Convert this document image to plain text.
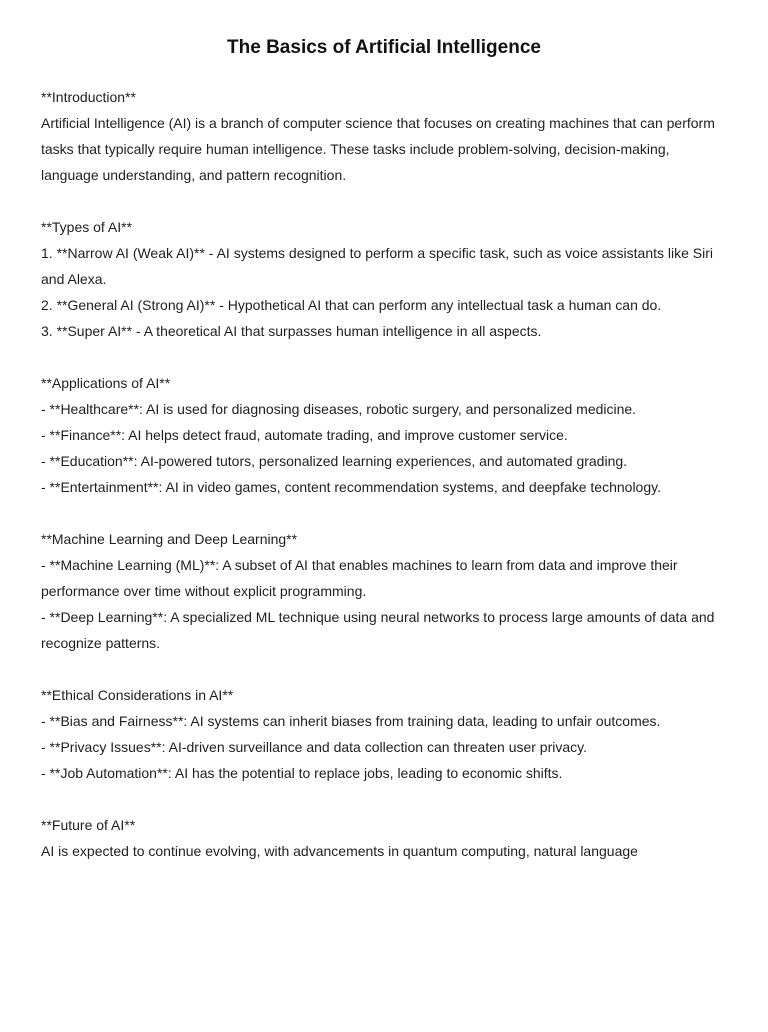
The Basics of Artificial Intelligence

**Introduction**

Artificial Intelligence (AI) is a branch of computer science that focuses on creating machines that can perform tasks that typically require human intelligence. These tasks include problem-solving, decision-making, language understanding, and pattern recognition.

**Types of AI**

1. **Narrow AI (Weak AI)** - AI systems designed to perform a specific task, such as voice assistants like Siri and Alexa.

2. **General AI (Strong AI)** - Hypothetical AI that can perform any intellectual task a human can do.

3. **Super AI** - A theoretical AI that surpasses human intelligence in all aspects.

**Applications of AI**

- **Healthcare**: AI is used for diagnosing diseases, robotic surgery, and personalized medicine.

- **Finance**: AI helps detect fraud, automate trading, and improve customer service.

- **Education**: AI-powered tutors, personalized learning experiences, and automated grading.

- **Entertainment**: AI in video games, content recommendation systems, and deepfake technology.

**Machine Learning and Deep Learning**

- **Machine Learning (ML)**: A subset of AI that enables machines to learn from data and improve their performance over time without explicit programming.

- **Deep Learning**: A specialized ML technique using neural networks to process large amounts of data and recognize patterns.

**Ethical Considerations in AI**

- **Bias and Fairness**: AI systems can inherit biases from training data, leading to unfair outcomes.

- **Privacy Issues**: AI-driven surveillance and data collection can threaten user privacy.

- **Job Automation**: AI has the potential to replace jobs, leading to economic shifts.

**Future of AI**

AI is expected to continue evolving, with advancements in quantum computing, natural language
